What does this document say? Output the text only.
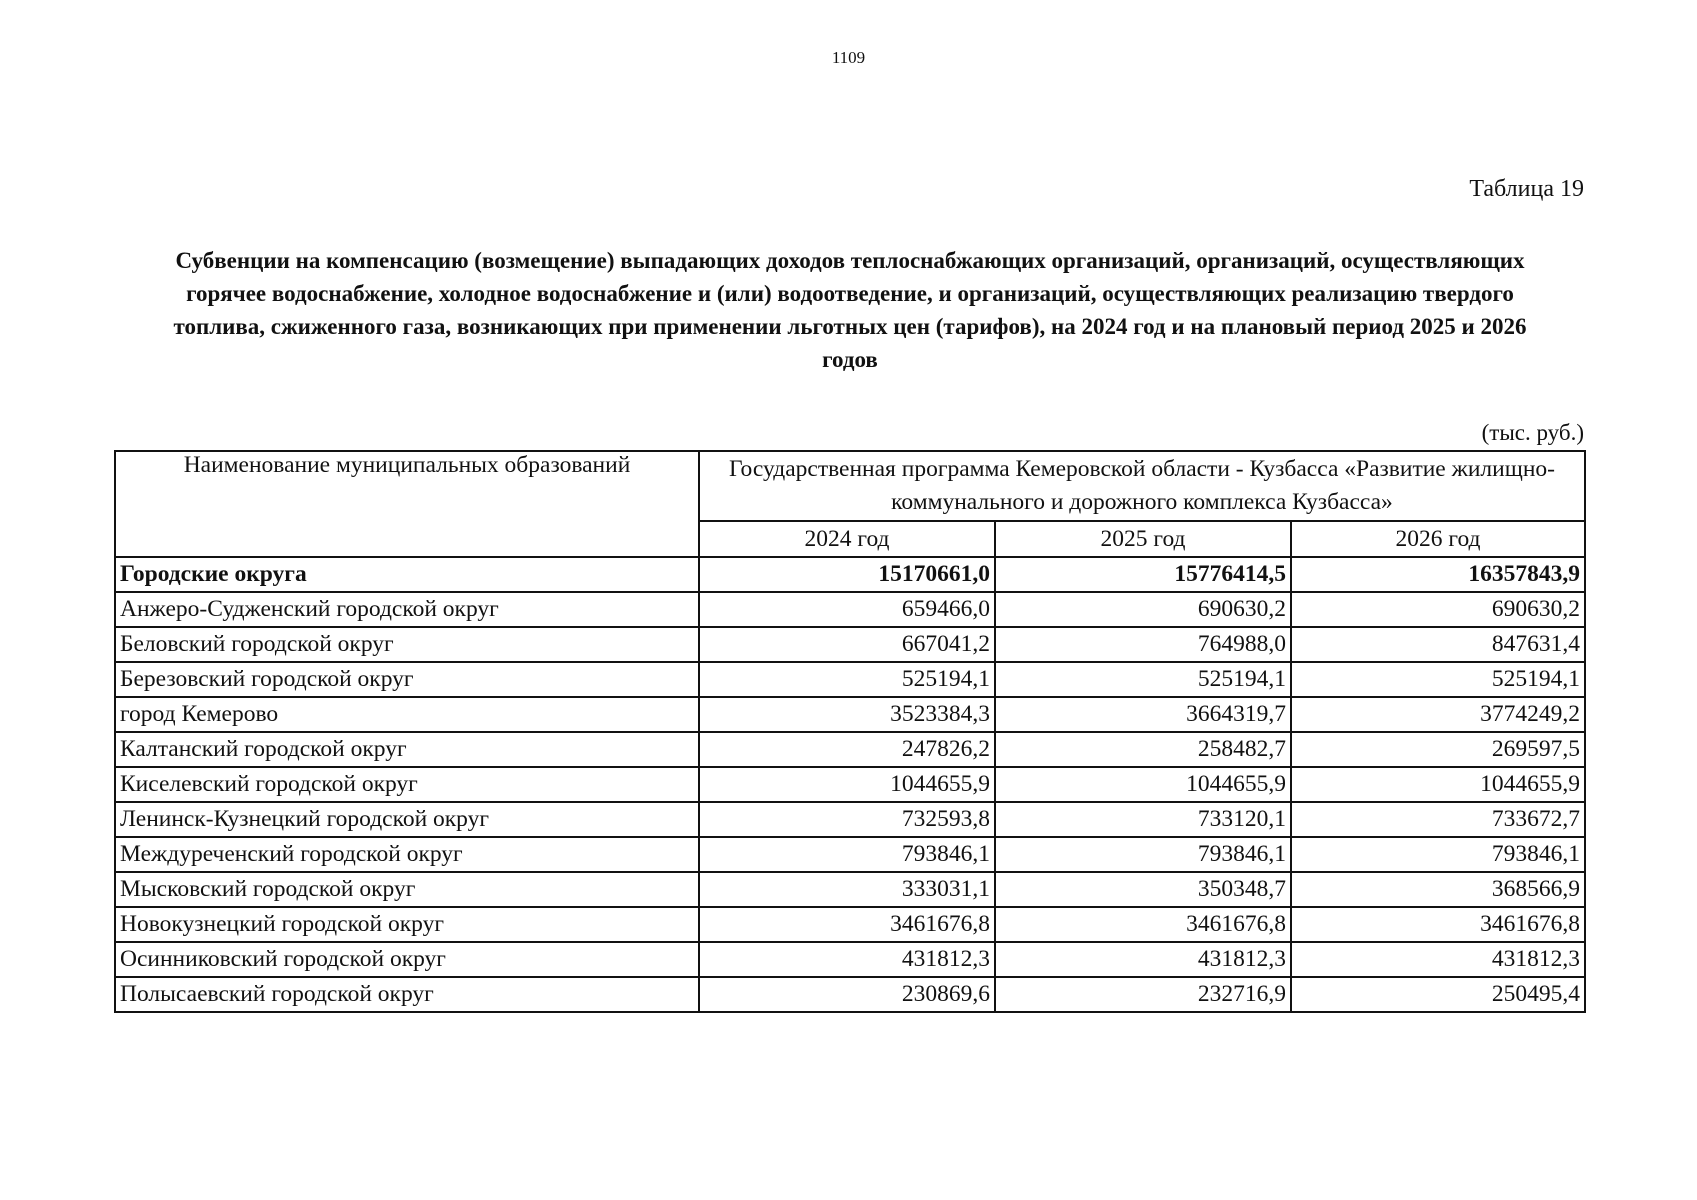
1109
Таблица 19
Субвенции на компенсацию (возмещение) выпадающих доходов теплоснабжающих организаций, организаций, осуществляющих горячее водоснабжение, холодное водоснабжение и (или) водоотведение, и организаций, осуществляющих реализацию твердого топлива, сжиженного газа, возникающих при применении льготных цен (тарифов), на 2024 год и на плановый период 2025 и 2026 годов
(тыс. руб.)
Наименование муниципальных образований	Государственная программа Кемеровской области - Кузбасса «Развитие жилищно-коммунального и дорожного комплекса Кузбасса»		
	2024 год	2025 год	2026 год
Городские округа	15170661,0	15776414,5	16357843,9
Анжеро-Судженский городской округ	659466,0	690630,2	690630,2
Беловский городской округ	667041,2	764988,0	847631,4
Березовский городской округ	525194,1	525194,1	525194,1
город Кемерово	3523384,3	3664319,7	3774249,2
Калтанский городской округ	247826,2	258482,7	269597,5
Киселевский городской округ	1044655,9	1044655,9	1044655,9
Ленинск-Кузнецкий городской округ	732593,8	733120,1	733672,7
Междуреченский городской округ	793846,1	793846,1	793846,1
Мысковский городской округ	333031,1	350348,7	368566,9
Новокузнецкий городской округ	3461676,8	3461676,8	3461676,8
Осинниковский городской округ	431812,3	431812,3	431812,3
Полысаевский городской округ	230869,6	232716,9	250495,4
